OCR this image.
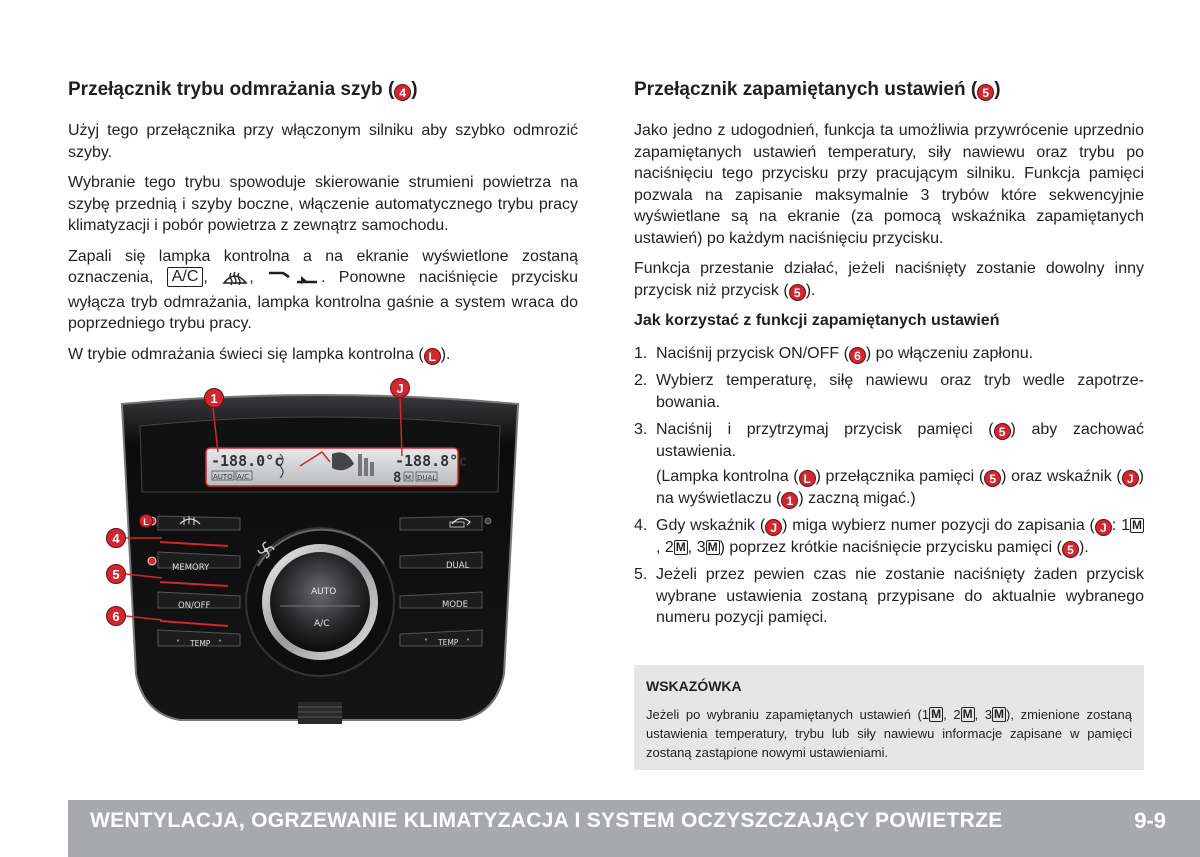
Przełącznik trybu odmrażania szyb ( 4 )

Użyj tego przełącznika przy włączonym silniku aby szybko odmrozić szyby.

Wybranie tego trybu spowoduje skierowanie strumieni powietrza na szybę przednią i szyby boczne, włączenie automatycznego trybu pracy klimatyzacji i pobór powietrza z zewnątrz samochodu.

Zapali się lampka kontrolna a na ekranie wyświetlone zostaną oznaczenia, A/C ,	,	. Ponowne naciśnięcie przycisku wyłącza tryb odmrażania, lampka kontrolna gaśnie a system wraca do poprzedniego trybu pracy.

W trybie odmrażania świeci się lampka kontrolna ( L ).

-188.0°c	-188.8°c
AUTO A/C	8 M DUAL
MEMORY
ON/OFF
TEMP
˅	˄
DUAL
MODE
TEMP
˅	˄
AUTO
A/C
1
J
4
5
6
L
Przełącznik zapamiętanych ustawień ( 5 )

Jako jedno z udogodnień, funkcja ta umożliwia przywrócenie uprzednio zapamiętanych ustawień temperatury, siły nawiewu oraz trybu po naciśnięciu tego przycisku przy pracującym silniku. Funkcja pamięci pozwala na zapisanie maksymalnie 3 trybów które sekwencyjnie wyświetlane są na ekranie (za pomocą wskaźnika zapamiętanych ustawień) po każdym naciśnięciu przycisku.

Funkcja przestanie działać, jeżeli naciśnięty zostanie dowolny inny przycisk niż przycisk ( 5 ).

Jak korzystać z funkcji zapamiętanych ustawień

1. Naciśnij przycisk ON/OFF ( 6 ) po włączeniu zapłonu.
2. Wybierz temperaturę, siłę nawiewu oraz tryb wedle zapotrzebowania.
3. Naciśnij i przytrzymaj przycisk pamięci ( 5 ) aby zachować ustawienia.
(Lampka kontrolna ( L ) przełącznika pamięci ( 5 ) oraz wskaźnik ( J ) na wyświetlaczu ( 1 ) zaczną migać.)
4. Gdy wskaźnik ( J ) miga wybierz numer pozycji do zapisania ( J : 1 M, 2 M , 3 M ) poprzez krótkie naciśnięcie przycisku pamięci ( 5 ).
5. Jeżeli przez pewien czas nie zostanie naciśnięty żaden przycisk wybrane ustawienia zostaną przypisane do aktualnie wybranego numeru pozycji pamięci.
WSKAZÓWKA
Jeżeli po wybraniu zapamiętanych ustawień (1 M , 2 M , 3 M ), zmienione zostaną ustawienia temperatury, trybu lub siły nawiewu informacje zapisane w pamięci zostaną zastąpione nowymi ustawieniami.
WENTYLACJA, OGRZEWANIE KLIMATYZACJA I SYSTEM OCZYSZCZAJĄCY POWIETRZE	9-9
